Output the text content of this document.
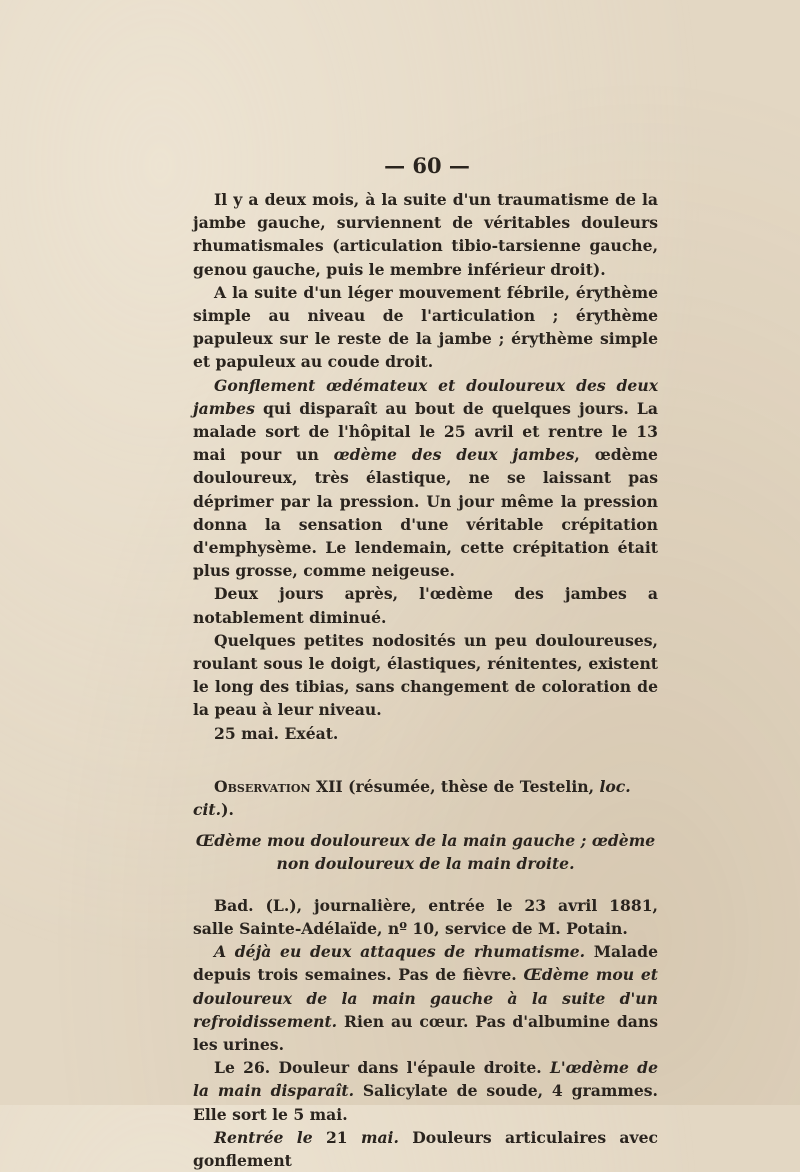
— 60 —

Il y a deux mois, à la suite d'un traumatisme de la jambe gauche, surviennent de véritables douleurs rhumatismales (articulation tibio-tarsienne gauche, genou gauche, puis le membre inférieur droit).

A la suite d'un léger mouvement fébrile, érythème simple au niveau de l'articulation ; érythème papuleux sur le reste de la jambe ; érythème simple et papuleux au coude droit.

Gonflement œdémateux et douloureux des deux jambes qui disparaît au bout de quelques jours. La malade sort de l'hôpital le 25 avril et rentre le 13 mai pour un œdème des deux jambes, œdème douloureux, très élastique, ne se laissant pas déprimer par la pression. Un jour même la pression donna la sensation d'une véritable crépitation d'emphysème. Le lendemain, cette crépitation était plus grosse, comme neigeuse.

Deux jours après, l'œdème des jambes a notablement diminué.

Quelques petites nodosités un peu douloureuses, roulant sous le doigt, élastiques, rénitentes, existent le long des tibias, sans changement de coloration de la peau à leur niveau.

25 mai. Exéat.

Observation XII (résumée, thèse de Testelin, loc. cit.).

Œdème mou douloureux de la main gauche ; œdème non douloureux de la main droite.

Bad. (L.), journalière, entrée le 23 avril 1881, salle Sainte-Adélaïde, nº 10, service de M. Potain.

A déjà eu deux attaques de rhumatisme. Malade depuis trois semaines. Pas de fièvre. Œdème mou et douloureux de la main gauche à la suite d'un refroidissement. Rien au cœur. Pas d'albumine dans les urines.

Le 26. Douleur dans l'épaule droite. L'œdème de la main disparaît. Salicylate de soude, 4 grammes. Elle sort le 5 mai.

Rentrée le 21 mai. Douleurs articulaires avec gonflement
